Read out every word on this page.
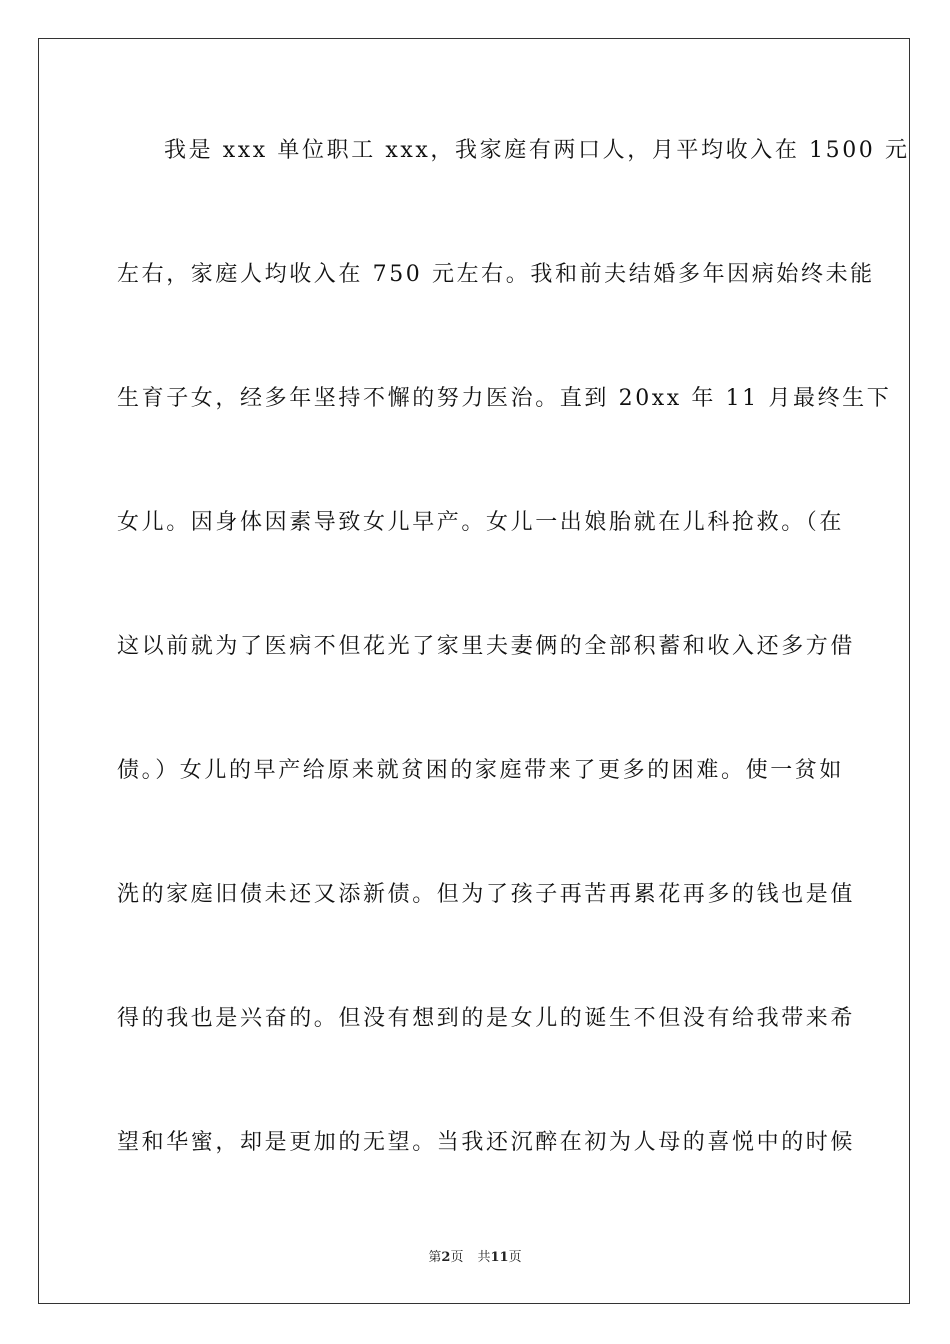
我是 xxx 单位职工 xxx，我家庭有两口人，月平均收入在 1500 元
左右，家庭人均收入在 750 元左右。我和前夫结婚多年因病始终未能
生育子女，经多年坚持不懈的努力医治。直到 20xx 年 11 月最终生下
女儿。因身体因素导致女儿早产。女儿一出娘胎就在儿科抢救。（在
这以前就为了医病不但花光了家里夫妻俩的全部积蓄和收入还多方借
债。）女儿的早产给原来就贫困的家庭带来了更多的困难。使一贫如
洗的家庭旧债未还又添新债。但为了孩子再苦再累花再多的钱也是值
得的我也是兴奋的。但没有想到的是女儿的诞生不但没有给我带来希
望和华蜜，却是更加的无望。当我还沉醉在初为人母的喜悦中的时候
第2页 共11页
